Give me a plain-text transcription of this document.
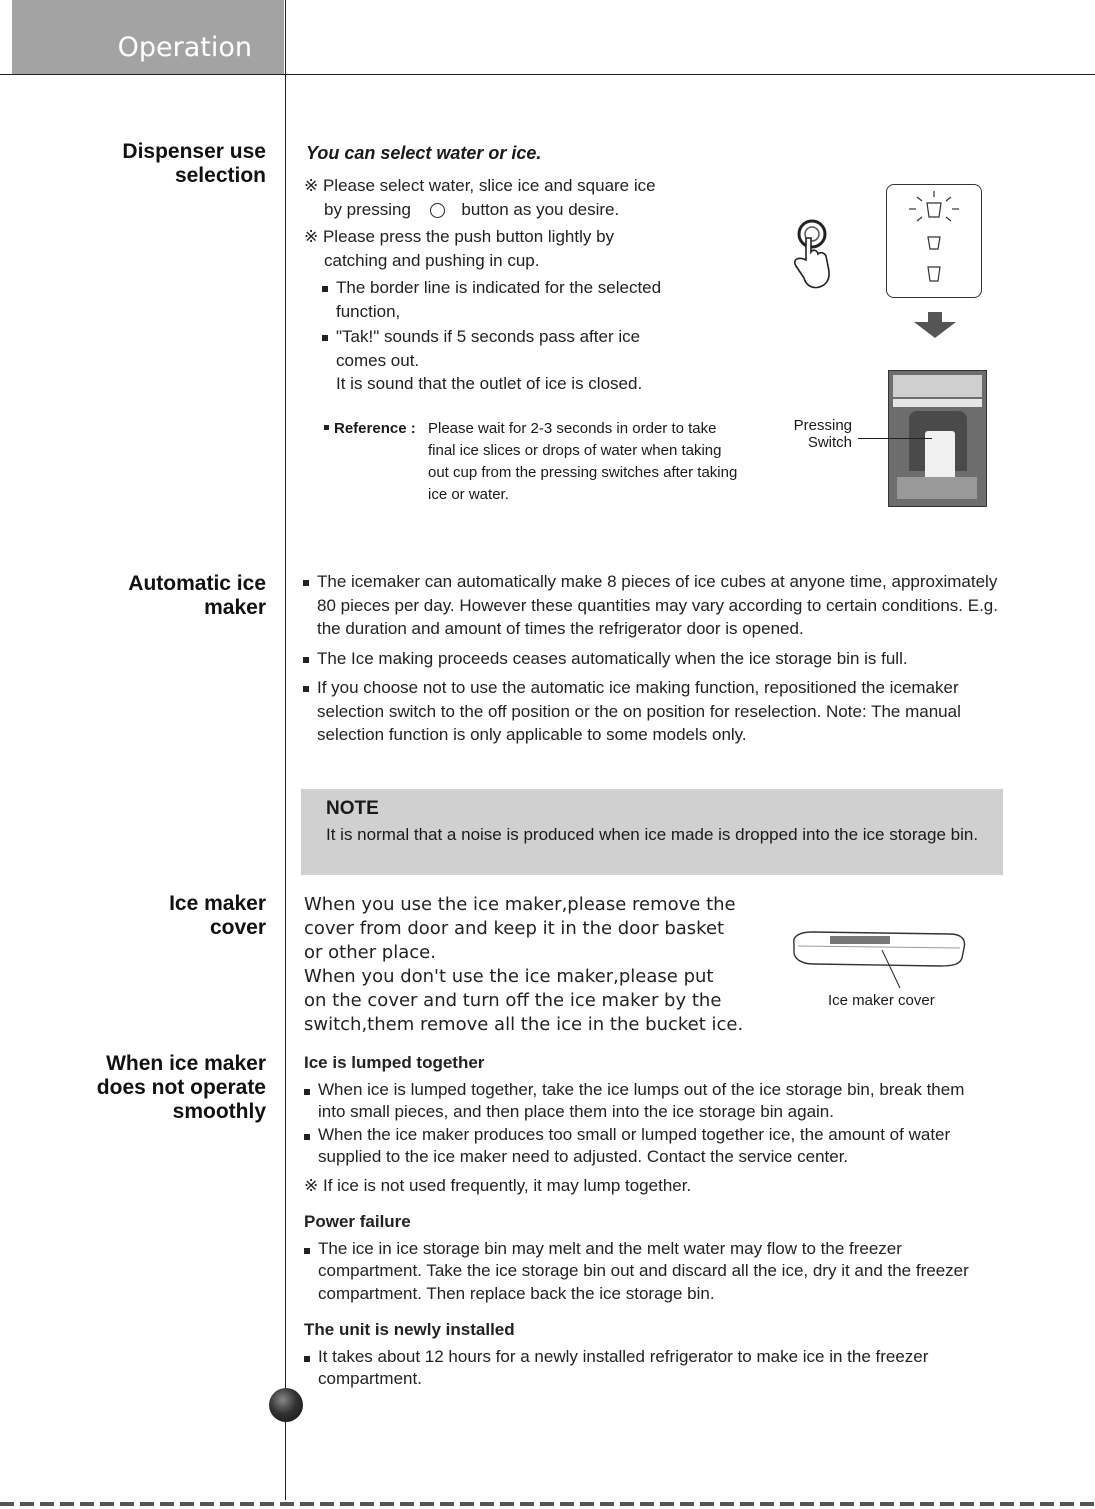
Operation
Dispenser use
selection
You can select water or ice.
※ Please select water, slice ice and square ice
by pressing	button as you desire.
※ Please press the push button lightly by
catching and pushing in cup.
The border line is indicated for the selected
function,
"Tak!" sounds if 5 seconds pass after ice
comes out.
It is sound that the outlet of ice is closed.
Reference : Please wait for 2-3 seconds in order to take
final ice slices or drops of water when taking
out cup from the pressing switches after taking
ice or water.
Pressing
Switch
Automatic ice
maker
The icemaker can automatically make 8 pieces of ice cubes at anyone time, approximately 80 pieces per day. However these quantities may vary according to certain conditions. E.g. the duration and amount of times the refrigerator door is opened.
The Ice making proceeds ceases automatically when the ice storage bin is full.
If you choose not to use the automatic ice making function, repositioned the icemaker selection switch to the off position or the on position for reselection. Note: The manual selection function is only applicable to some models only.
NOTE
It is normal that a noise is produced when ice made is dropped into the ice storage bin.
Ice maker
cover
When you use the ice maker,please remove the
cover from door and keep it in the door basket
or other place.
When you don't use the ice maker,please put
on the cover and turn off the ice maker by the
switch,them remove all the ice in the bucket ice.
Ice maker cover
When ice maker
does not operate
smoothly
Ice is lumped together
When ice is lumped together, take the ice lumps out of the ice storage bin, break them into small pieces, and then place them into the ice storage bin again.
When the ice maker produces too small or lumped together ice, the amount of water supplied to the ice maker need to adjusted. Contact the service center.
※ If ice is not used frequently, it may lump together.
Power failure
The ice in ice storage bin may melt and the melt water may flow to the freezer compartment. Take the ice storage bin out and discard all the ice, dry it and the freezer compartment. Then replace back the ice storage bin.
The unit is newly installed
It takes about 12 hours for a newly installed refrigerator to make ice in the freezer compartment.
